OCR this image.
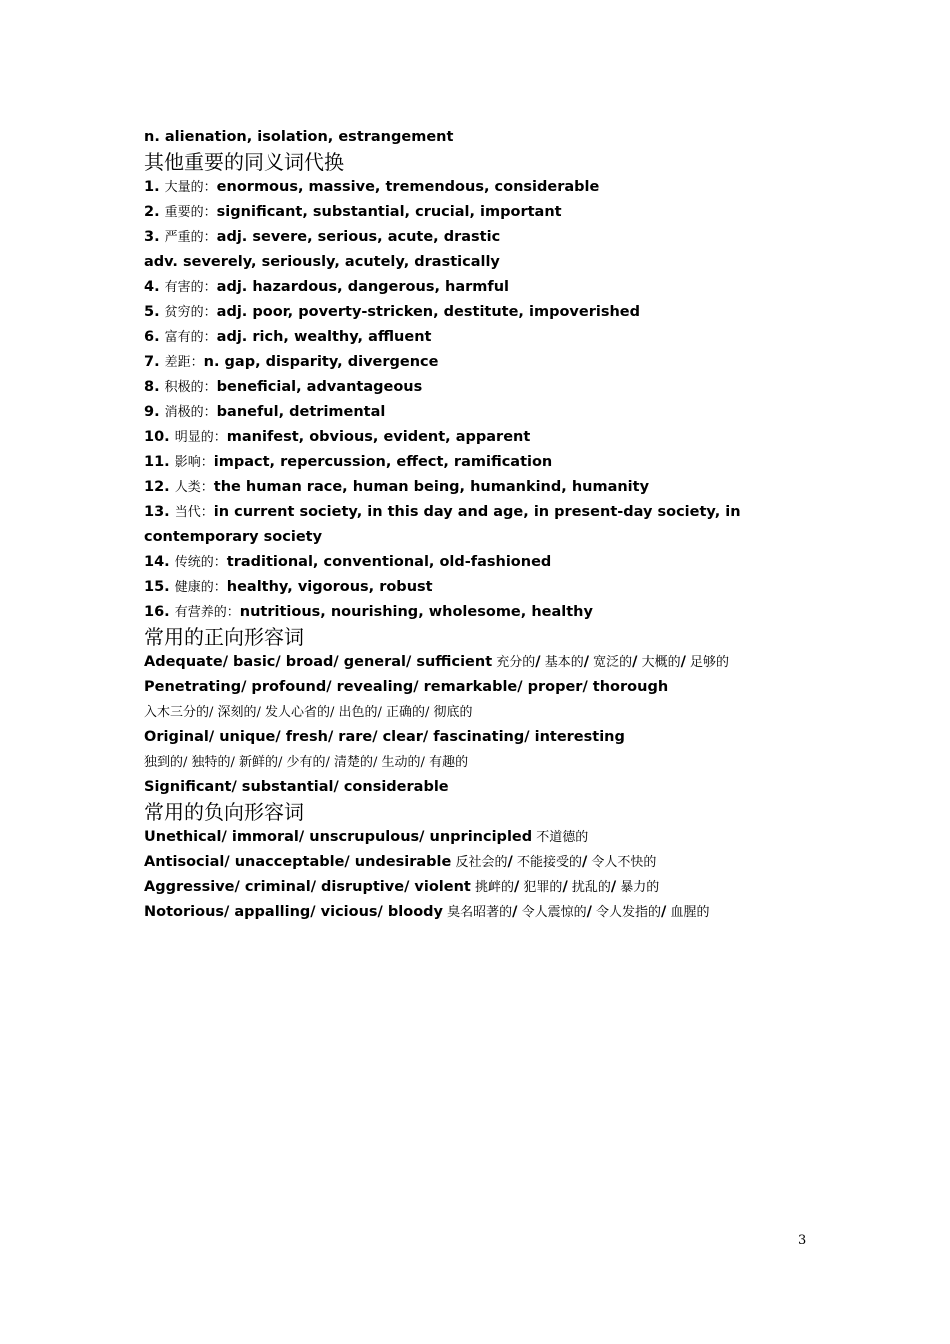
n. alienation, isolation, estrangement
其他重要的同义词代换
1. 大量的：enormous, massive, tremendous, considerable
2. 重要的：significant, substantial, crucial, important
3. 严重的：adj. severe, serious, acute, drastic
adv. severely, seriously, acutely, drastically
4. 有害的：adj. hazardous, dangerous, harmful
5. 贫穷的：adj. poor, poverty-stricken, destitute, impoverished
6. 富有的：adj. rich, wealthy, affluent
7. 差距：n. gap, disparity, divergence
8. 积极的：beneficial, advantageous
9. 消极的：baneful, detrimental
10. 明显的：manifest, obvious, evident, apparent
11. 影响：impact, repercussion, effect, ramification
12. 人类：the human race, human being, humankind, humanity
13. 当代：in current society, in this day and age, in present-day society, in contemporary society
14. 传统的：traditional, conventional, old-fashioned
15. 健康的：healthy, vigorous, robust
16. 有营养的：nutritious, nourishing, wholesome, healthy
常用的正向形容词
Adequate/ basic/ broad/ general/ sufficient 充分的/ 基本的/ 宽泛的/ 大概的/ 足够的
Penetrating/ profound/ revealing/ remarkable/ proper/ thorough
入木三分的/ 深刻的/ 发人心省的/ 出色的/ 正确的/ 彻底的
Original/ unique/ fresh/ rare/ clear/ fascinating/ interesting
独到的/ 独特的/ 新鲜的/ 少有的/ 清楚的/ 生动的/ 有趣的
Significant/ substantial/ considerable
常用的负向形容词
Unethical/ immoral/ unscrupulous/ unprincipled 不道德的
Antisocial/ unacceptable/ undesirable 反社会的/ 不能接受的/ 令人不快的
Aggressive/ criminal/ disruptive/ violent 挑衅的/ 犯罪的/ 扰乱的/ 暴力的
Notorious/ appalling/ vicious/ bloody 臭名昭著的/ 令人震惊的/ 令人发指的/ 血腥的
3
